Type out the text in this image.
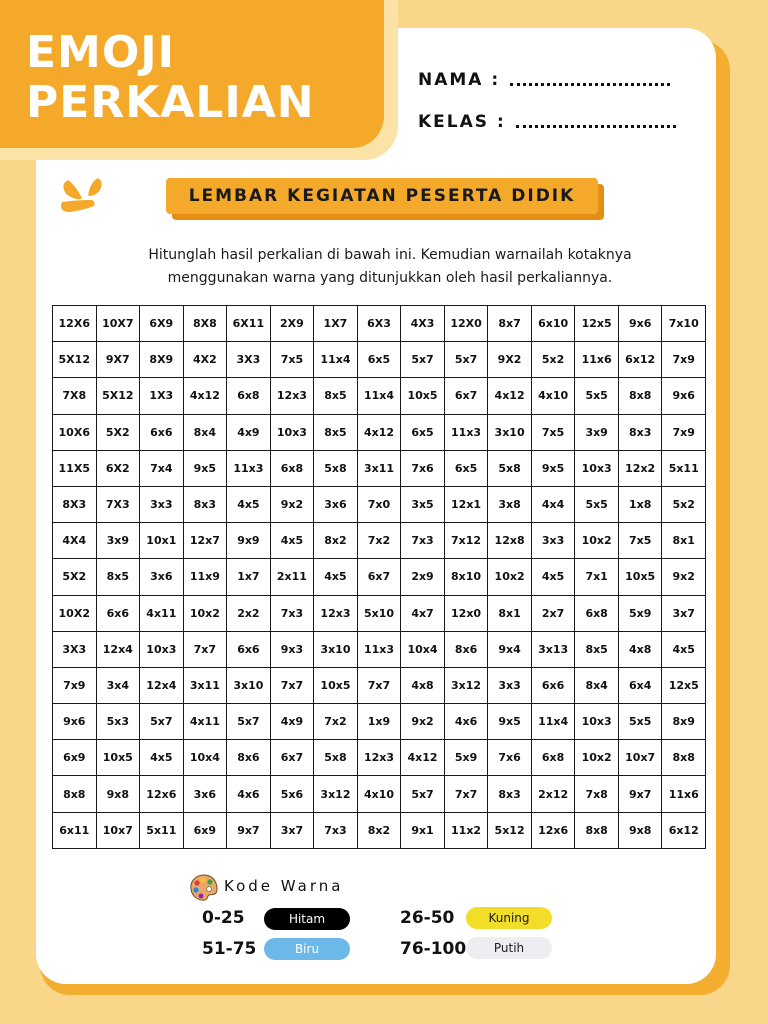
EMOJI
PERKALIAN	NAMA :
KELAS :
LEMBAR KEGIATAN PESERTA DIDIK
Hitunglah hasil perkalian di bawah ini. Kemudian warnailah kotaknya
menggunakan warna yang ditunjukkan oleh hasil perkaliannya.
12X6	10X7	6X9	8X8	6X11	2X9	1X7	6X3	4X3	12X0	8x7	6x10	12x5	9x6	7x10
5X12	9X7	8X9	4X2	3X3	7x5	11x4	6x5	5x7	5x7	9X2	5x2	11x6	6x12	7x9
7X8	5X12	1X3	4x12	6x8	12x3	8x5	11x4	10x5	6x7	4x12	4x10	5x5	8x8	9x6
10X6	5X2	6x6	8x4	4x9	10x3	8x5	4x12	6x5	11x3	3x10	7x5	3x9	8x3	7x9
11X5	6X2	7x4	9x5	11x3	6x8	5x8	3x11	7x6	6x5	5x8	9x5	10x3	12x2	5x11
8X3	7X3	3x3	8x3	4x5	9x2	3x6	7x0	3x5	12x1	3x8	4x4	5x5	1x8	5x2
4X4	3x9	10x1	12x7	9x9	4x5	8x2	7x2	7x3	7x12	12x8	3x3	10x2	7x5	8x1
5X2	8x5	3x6	11x9	1x7	2x11	4x5	6x7	2x9	8x10	10x2	4x5	7x1	10x5	9x2
10X2	6x6	4x11	10x2	2x2	7x3	12x3	5x10	4x7	12x0	8x1	2x7	6x8	5x9	3x7
3X3	12x4	10x3	7x7	6x6	9x3	3x10	11x3	10x4	8x6	9x4	3x13	8x5	4x8	4x5
7x9	3x4	12x4	3x11	3x10	7x7	10x5	7x7	4x8	3x12	3x3	6x6	8x4	6x4	12x5
9x6	5x3	5x7	4x11	5x7	4x9	7x2	1x9	9x2	4x6	9x5	11x4	10x3	5x5	8x9
6x9	10x5	4x5	10x4	8x6	6x7	5x8	12x3	4x12	5x9	7x6	6x8	10x2	10x7	8x8
8x8	9x8	12x6	3x6	4x6	5x6	3x12	4x10	5x7	7x7	8x3	2x12	7x8	9x7	11x6
6x11	10x7	5x11	6x9	9x7	3x7	7x3	8x2	9x1	11x2	5x12	12x6	8x8	9x8	6x12
Kode Warna
0-25	Hitam
51-75	Biru
26-50	Kuning
76-100	Putih
